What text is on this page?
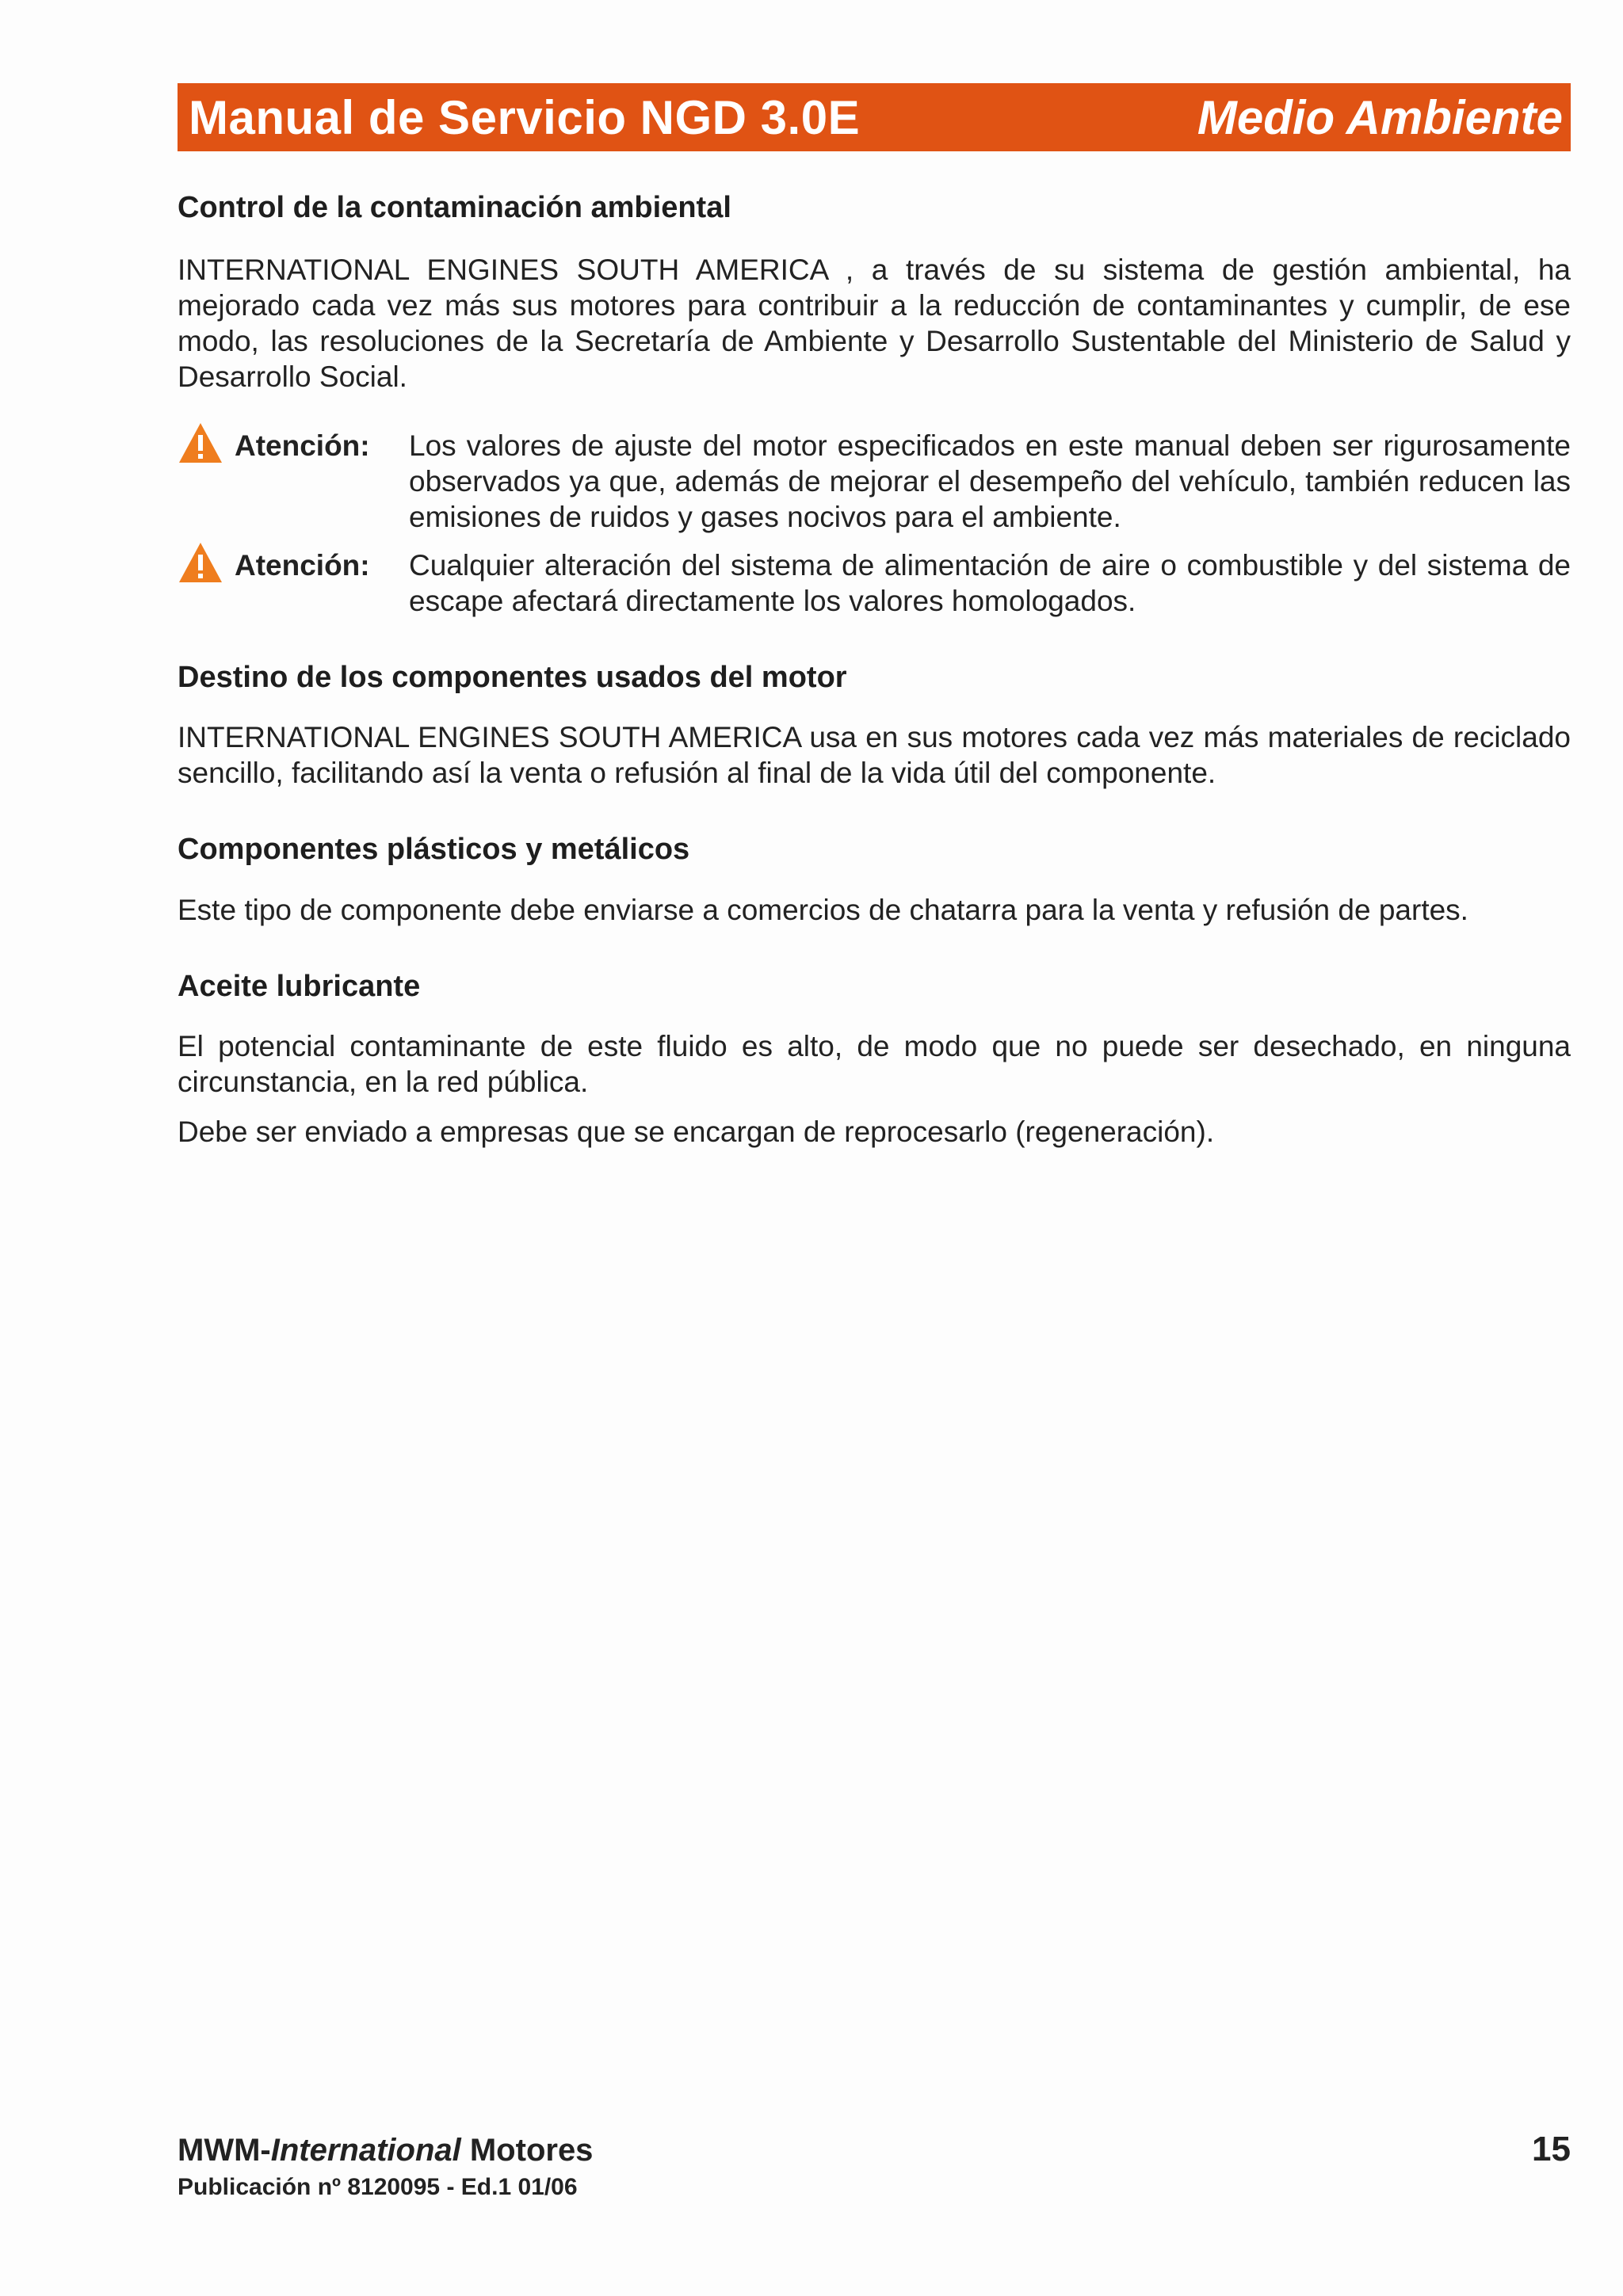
Manual de Servicio NGD 3.0E	Medio Ambiente
Control de la contaminación ambiental

INTERNATIONAL ENGINES SOUTH AMERICA , a través de su sistema de gestión ambiental, ha mejorado cada vez más sus motores para contribuir a la reducción de contaminantes y cumplir, de ese modo, las resoluciones de la Secretaría de Ambiente y Desarrollo Sustentable del Ministerio de Salud y Desarrollo Social.

Atención: Los valores de ajuste del motor especificados en este manual deben ser rigurosamente observados ya que, además de mejorar el desempeño del vehículo, también reducen las emisiones de ruidos y gases nocivos para el ambiente.

Atención: Cualquier alteración del sistema de alimentación de aire o combustible y del sistema de escape afectará directamente los valores homologados.

Destino de los componentes usados del motor

INTERNATIONAL ENGINES SOUTH AMERICA usa en sus motores cada vez más materiales de reciclado sencillo, facilitando así la venta o refusión al final de la vida útil del componente.

Componentes plásticos y metálicos

Este tipo de componente debe enviarse a comercios de chatarra para la venta y refusión de partes.

Aceite lubricante

El potencial contaminante de este fluido es alto, de modo que no puede ser desechado, en ninguna circunstancia, en la red pública.

Debe ser enviado a empresas que se encargan de reprocesarlo (regeneración).

MWM-International Motores	15
Publicación nº 8120095 - Ed.1 01/06
